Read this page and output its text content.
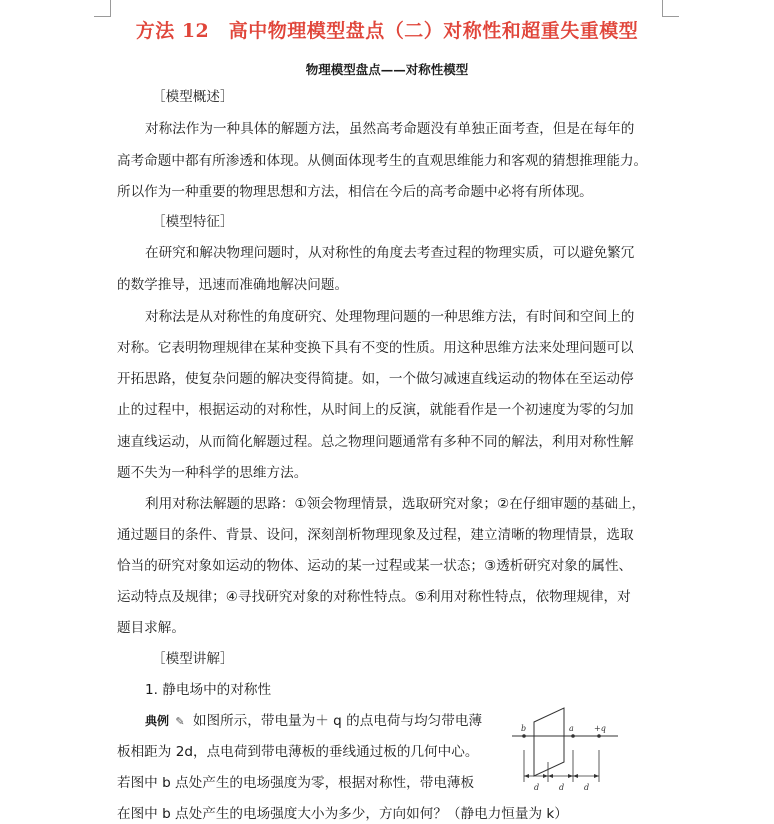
方法 12　高中物理模型盘点（二）对称性和超重失重模型
物理模型盘点——对称性模型
［模型概述］
对称法作为一种具体的解题方法，虽然高考命题没有单独正面考查，但是在每年的
高考命题中都有所渗透和体现。从侧面体现考生的直观思维能力和客观的猜想推理能力。
所以作为一种重要的物理思想和方法，相信在今后的高考命题中必将有所体现。
［模型特征］
在研究和解决物理问题时，从对称性的角度去考查过程的物理实质，可以避免繁冗
的数学推导，迅速而准确地解决问题。
对称法是从对称性的角度研究、处理物理问题的一种思维方法，有时间和空间上的
对称。它表明物理规律在某种变换下具有不变的性质。用这种思维方法来处理问题可以
开拓思路，使复杂问题的解决变得简捷。如，一个做匀减速直线运动的物体在至运动停
止的过程中，根据运动的对称性，从时间上的反演，就能看作是一个初速度为零的匀加
速直线运动，从而简化解题过程。总之物理问题通常有多种不同的解法，利用对称性解
题不失为一种科学的思维方法。
利用对称法解题的思路：①领会物理情景，选取研究对象；②在仔细审题的基础上，
通过题目的条件、背景、设问，深刻剖析物理现象及过程，建立清晰的物理情景，选取
恰当的研究对象如运动的物体、运动的某一过程或某一状态；③透析研究对象的属性、
运动特点及规律；④寻找研究对象的对称性特点。⑤利用对称性特点，依物理规律，对
题目求解。
［模型讲解］
1. 静电场中的对称性
典例 ✎ 如图所示，带电量为＋ q 的点电荷与均匀带电薄
板相距为 2d，点电荷到带电薄板的垂线通过板的几何中心。
若图中 b 点处产生的电场强度为零，根据对称性，带电薄板
在图中 b 点处产生的电场强度大小为多少，方向如何？（静电力恒量为 k）
b	a	+q
d d d
